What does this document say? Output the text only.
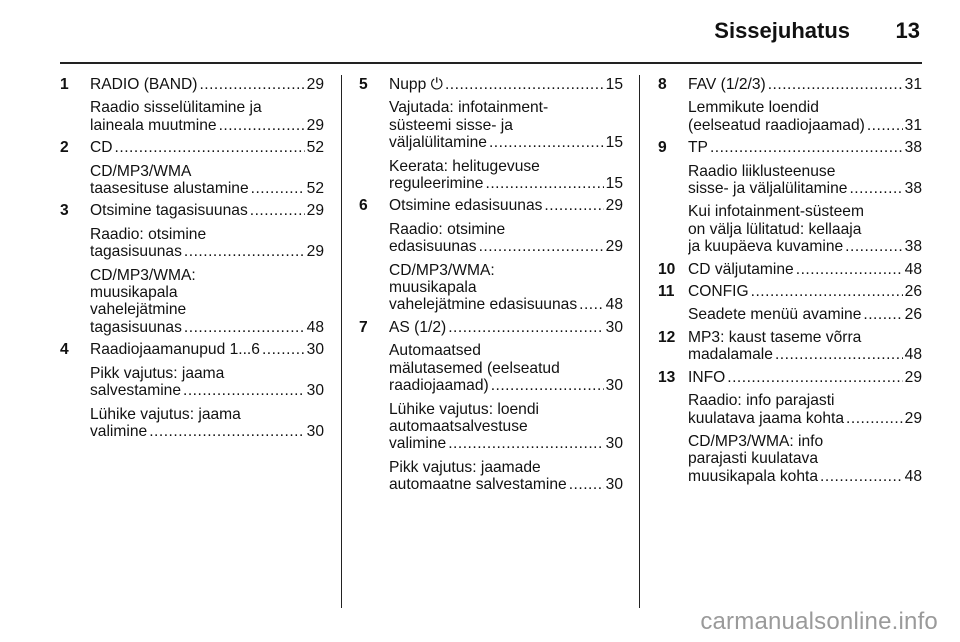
Sissejuhatus 13
1	RADIO (BAND) .....	29
Raadio sisselülitamine ja
laineala muutmine .....	29
2	CD .....	52
CD/MP3/WMA
taasesituse alustamine .....	52
3	Otsimine tagasisuunas .....	29
Raadio: otsimine
tagasisuunas .....	29
CD/MP3/WMA:
muusikapala
vahelejätmine
tagasisuunas .....	48
4	Raadiojaamanupud 1...6 .....	30
Pikk vajutus: jaama
salvestamine .....	30
Lühike vajutus: jaama
valimine .....	30
5	Nupp ⏻ .....	15
Vajutada: infotainment-
süsteemi sisse- ja
väljalülitamine .....	15
Keerata: helitugevuse
reguleerimine .....	15
6	Otsimine edasisuunas .....	29
Raadio: otsimine
edasisuunas .....	29
CD/MP3/WMA:
muusikapala
vahelejätmine edasisuunas ..... 48
7	AS (1/2) .....	30
Automaatsed
mälutasemed (eelseatud
raadiojaamad) .....	30
Lühike vajutus: loendi
automaatsalvestuse
valimine .....	30
Pikk vajutus: jaamade
automaatne salvestamine ..... 30
8	FAV (1/2/3) .....	31
Lemmikute loendid
(eelseatud raadiojaamad) .....	31
9	TP .....	38
Raadio liiklusteenuse
sisse- ja väljalülitamine .....	38
Kui infotainment-süsteem
on välja lülitatud: kellaaja
ja kuupäeva kuvamine .....	38
10 CD väljutamine .....	48
11 CONFIG .....	26
Seadete menüü avamine .....	26
12 MP3: kaust taseme võrra
madalamale .....	48
13 INFO .....	29
Raadio: info parajasti
kuulatava jaama kohta .....	29
CD/MP3/WMA: info
parajasti kuulatava
muusikapala kohta .....	48
carmanualsonline.info
